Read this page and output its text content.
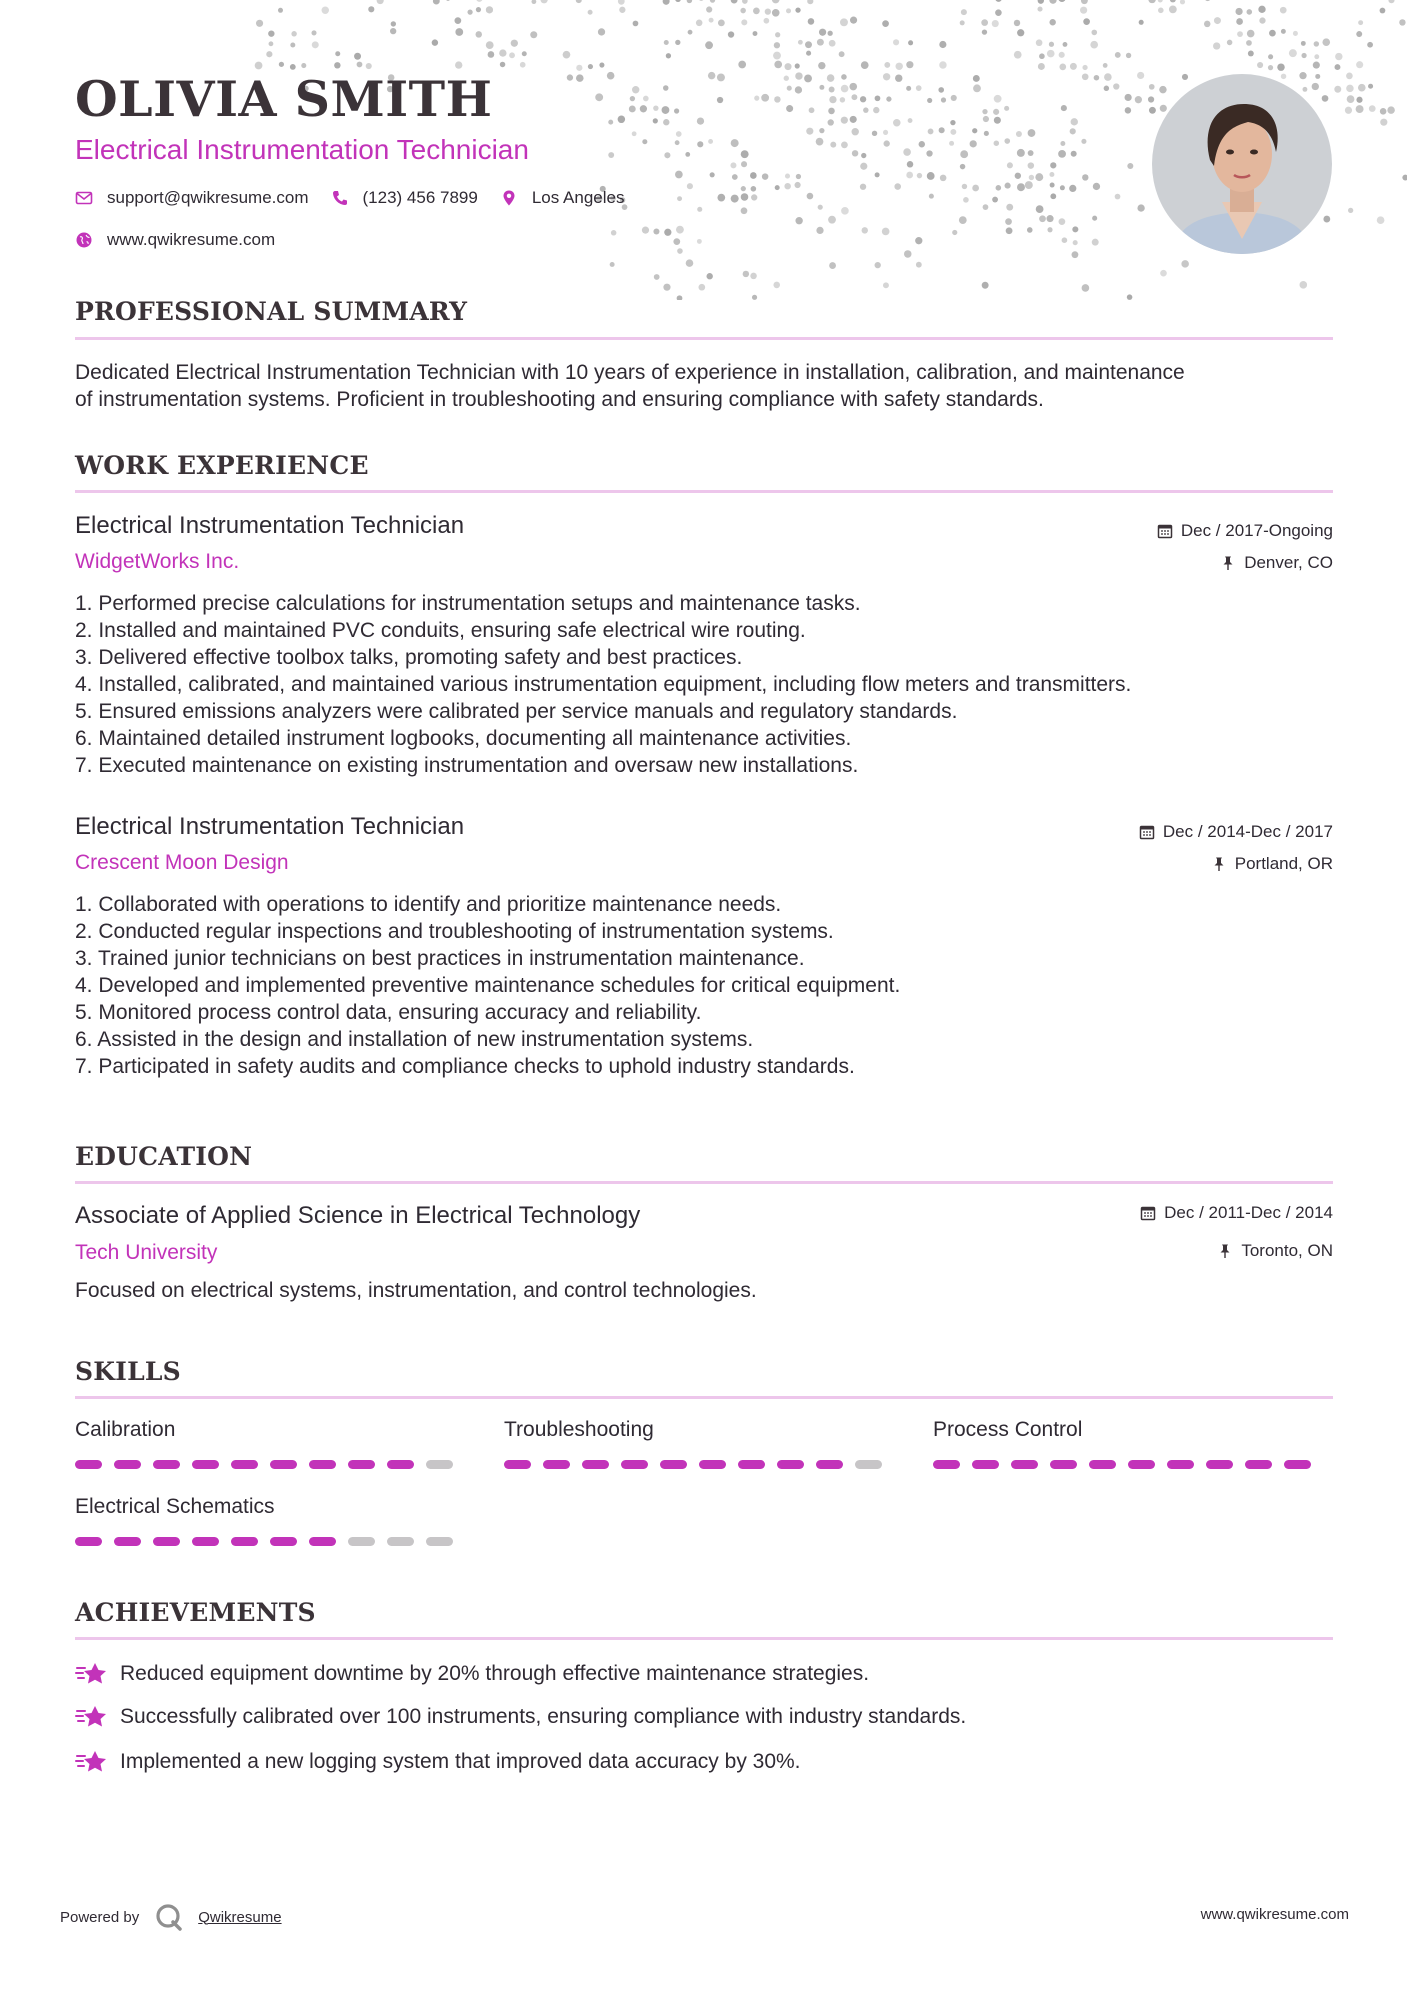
OLIVIA SMITH

Electrical Instrumentation Technician

support@qwikresume.com	(123) 456 7899	Los Angeles
www.qwikresume.com
PROFESSIONAL SUMMARY

Dedicated Electrical Instrumentation Technician with 10 years of experience in installation, calibration, and maintenance

of instrumentation systems. Proficient in troubleshooting and ensuring compliance with safety standards.

WORK EXPERIENCE

Electrical Instrumentation Technician

WidgetWorks Inc.

Dec / 2017-Ongoing
Denver, CO
1. Performed precise calculations for instrumentation setups and maintenance tasks.
2. Installed and maintained PVC conduits, ensuring safe electrical wire routing.
3. Delivered effective toolbox talks, promoting safety and best practices.
4. Installed, calibrated, and maintained various instrumentation equipment, including flow meters and transmitters.
5. Ensured emissions analyzers were calibrated per service manuals and regulatory standards.
6. Maintained detailed instrument logbooks, documenting all maintenance activities.
7. Executed maintenance on existing instrumentation and oversaw new installations.

Electrical Instrumentation Technician

Crescent Moon Design

Dec / 2014-Dec / 2017
Portland, OR
1. Collaborated with operations to identify and prioritize maintenance needs.
2. Conducted regular inspections and troubleshooting of instrumentation systems.
3. Trained junior technicians on best practices in instrumentation maintenance.
4. Developed and implemented preventive maintenance schedules for critical equipment.
5. Monitored process control data, ensuring accuracy and reliability.
6. Assisted in the design and installation of new instrumentation systems.
7. Participated in safety audits and compliance checks to uphold industry standards.
EDUCATION

Associate of Applied Science in Electrical Technology

Tech University

Dec / 2011-Dec / 2014
Toronto, ON

Focused on electrical systems, instrumentation, and control technologies.

SKILLS

Calibration	Troubleshooting	Process Control

Electrical Schematics

ACHIEVEMENTS
Reduced equipment downtime by 20% through effective maintenance strategies.
Successfully calibrated over 100 instruments, ensuring compliance with industry standards.
Implemented a new logging system that improved data accuracy by 30%.
Powered by	Qwikresume	www.qwikresume.com
